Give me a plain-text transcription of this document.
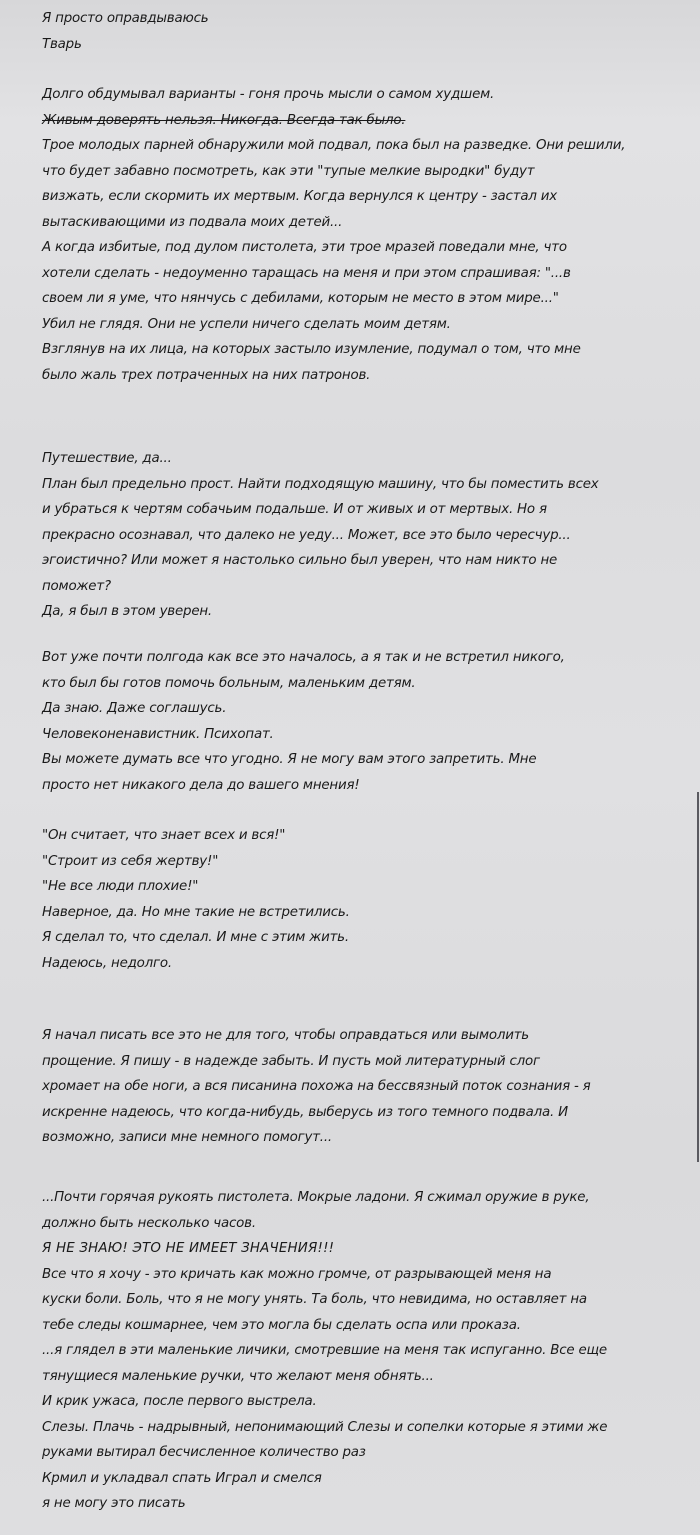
Я просто оправдываюсь
Тварь
Долго обдумывал варианты - гоня прочь мысли о самом худшем.
Живым доверять нельзя. Никогда. Всегда так было.
Трое молодых парней обнаружили мой подвал, пока был на разведке. Они решили,
что будет забавно посмотреть, как эти "тупые мелкие выродки" будут
визжать, если скормить их мертвым. Когда вернулся к центру - застал их
вытаскивающими из подвала моих детей...
А когда избитые, под дулом пистолета, эти трое мразей поведали мне, что
хотели сделать - недоуменно таращась на меня и при этом спрашивая: "...в
своем ли я уме, что нянчусь с дебилами, которым не место в этом мире..."
Убил не глядя. Они не успели ничего сделать моим детям.
Взглянув на их лица, на которых застыло изумление, подумал о том, что мне
было жаль трех потраченных на них патронов.
Путешествие, да...
План был предельно прост. Найти подходящую машину, что бы поместить всех
и убраться к чертям собачьим подальше. И от живых и от мертвых. Но я
прекрасно осознавал, что далеко не уеду... Может, все это было чересчур...
эгоистично? Или может я настолько сильно был уверен, что нам никто не
поможет?
Да, я был в этом уверен.
Вот уже почти полгода как все это началось, а я так и не встретил никого,
кто был бы готов помочь больным, маленьким детям.
Да знаю. Даже соглашусь.
Человеконенавистник. Психопат.
Вы можете думать все что угодно. Я не могу вам этого запретить. Мне
просто нет никакого дела до вашего мнения!
"Он считает, что знает всех и вся!"
"Строит из себя жертву!"
"Не все люди плохие!"
Наверное, да. Но мне такие не встретились.
Я сделал то, что сделал. И мне с этим жить.
Надеюсь, недолго.
Я начал писать все это не для того, чтобы оправдаться или вымолить
прощение. Я пишу - в надежде забыть. И пусть мой литературный слог
хромает на обе ноги, а вся писанина похожа на бессвязный поток сознания - я
искренне надеюсь, что когда-нибудь, выберусь из того темного подвала. И
возможно, записи мне немного помогут...
...Почти горячая рукоять пистолета. Мокрые ладони. Я сжимал оружие в руке,
должно быть несколько часов.
Я НЕ ЗНАЮ! ЭТО НЕ ИМЕЕТ ЗНАЧЕНИЯ!!!
Все что я хочу - это кричать как можно громче, от разрывающей меня на
куски боли. Боль, что я не могу унять. Та боль, что невидима, но оставляет на
тебе следы кошмарнее, чем это могла бы сделать оспа или проказа.
...я глядел в эти маленькие личики, смотревшие на меня так испуганно. Все еще
тянущиеся маленькие ручки, что желают меня обнять...
И крик ужаса, после первого выстрела.
Слезы. Плачь - надрывный, непонимающий Слезы и сопелки которые я этими же
руками вытирал бесчисленное количество раз
Крмил и укладвал спать Играл и смелся
я не могу это писать
